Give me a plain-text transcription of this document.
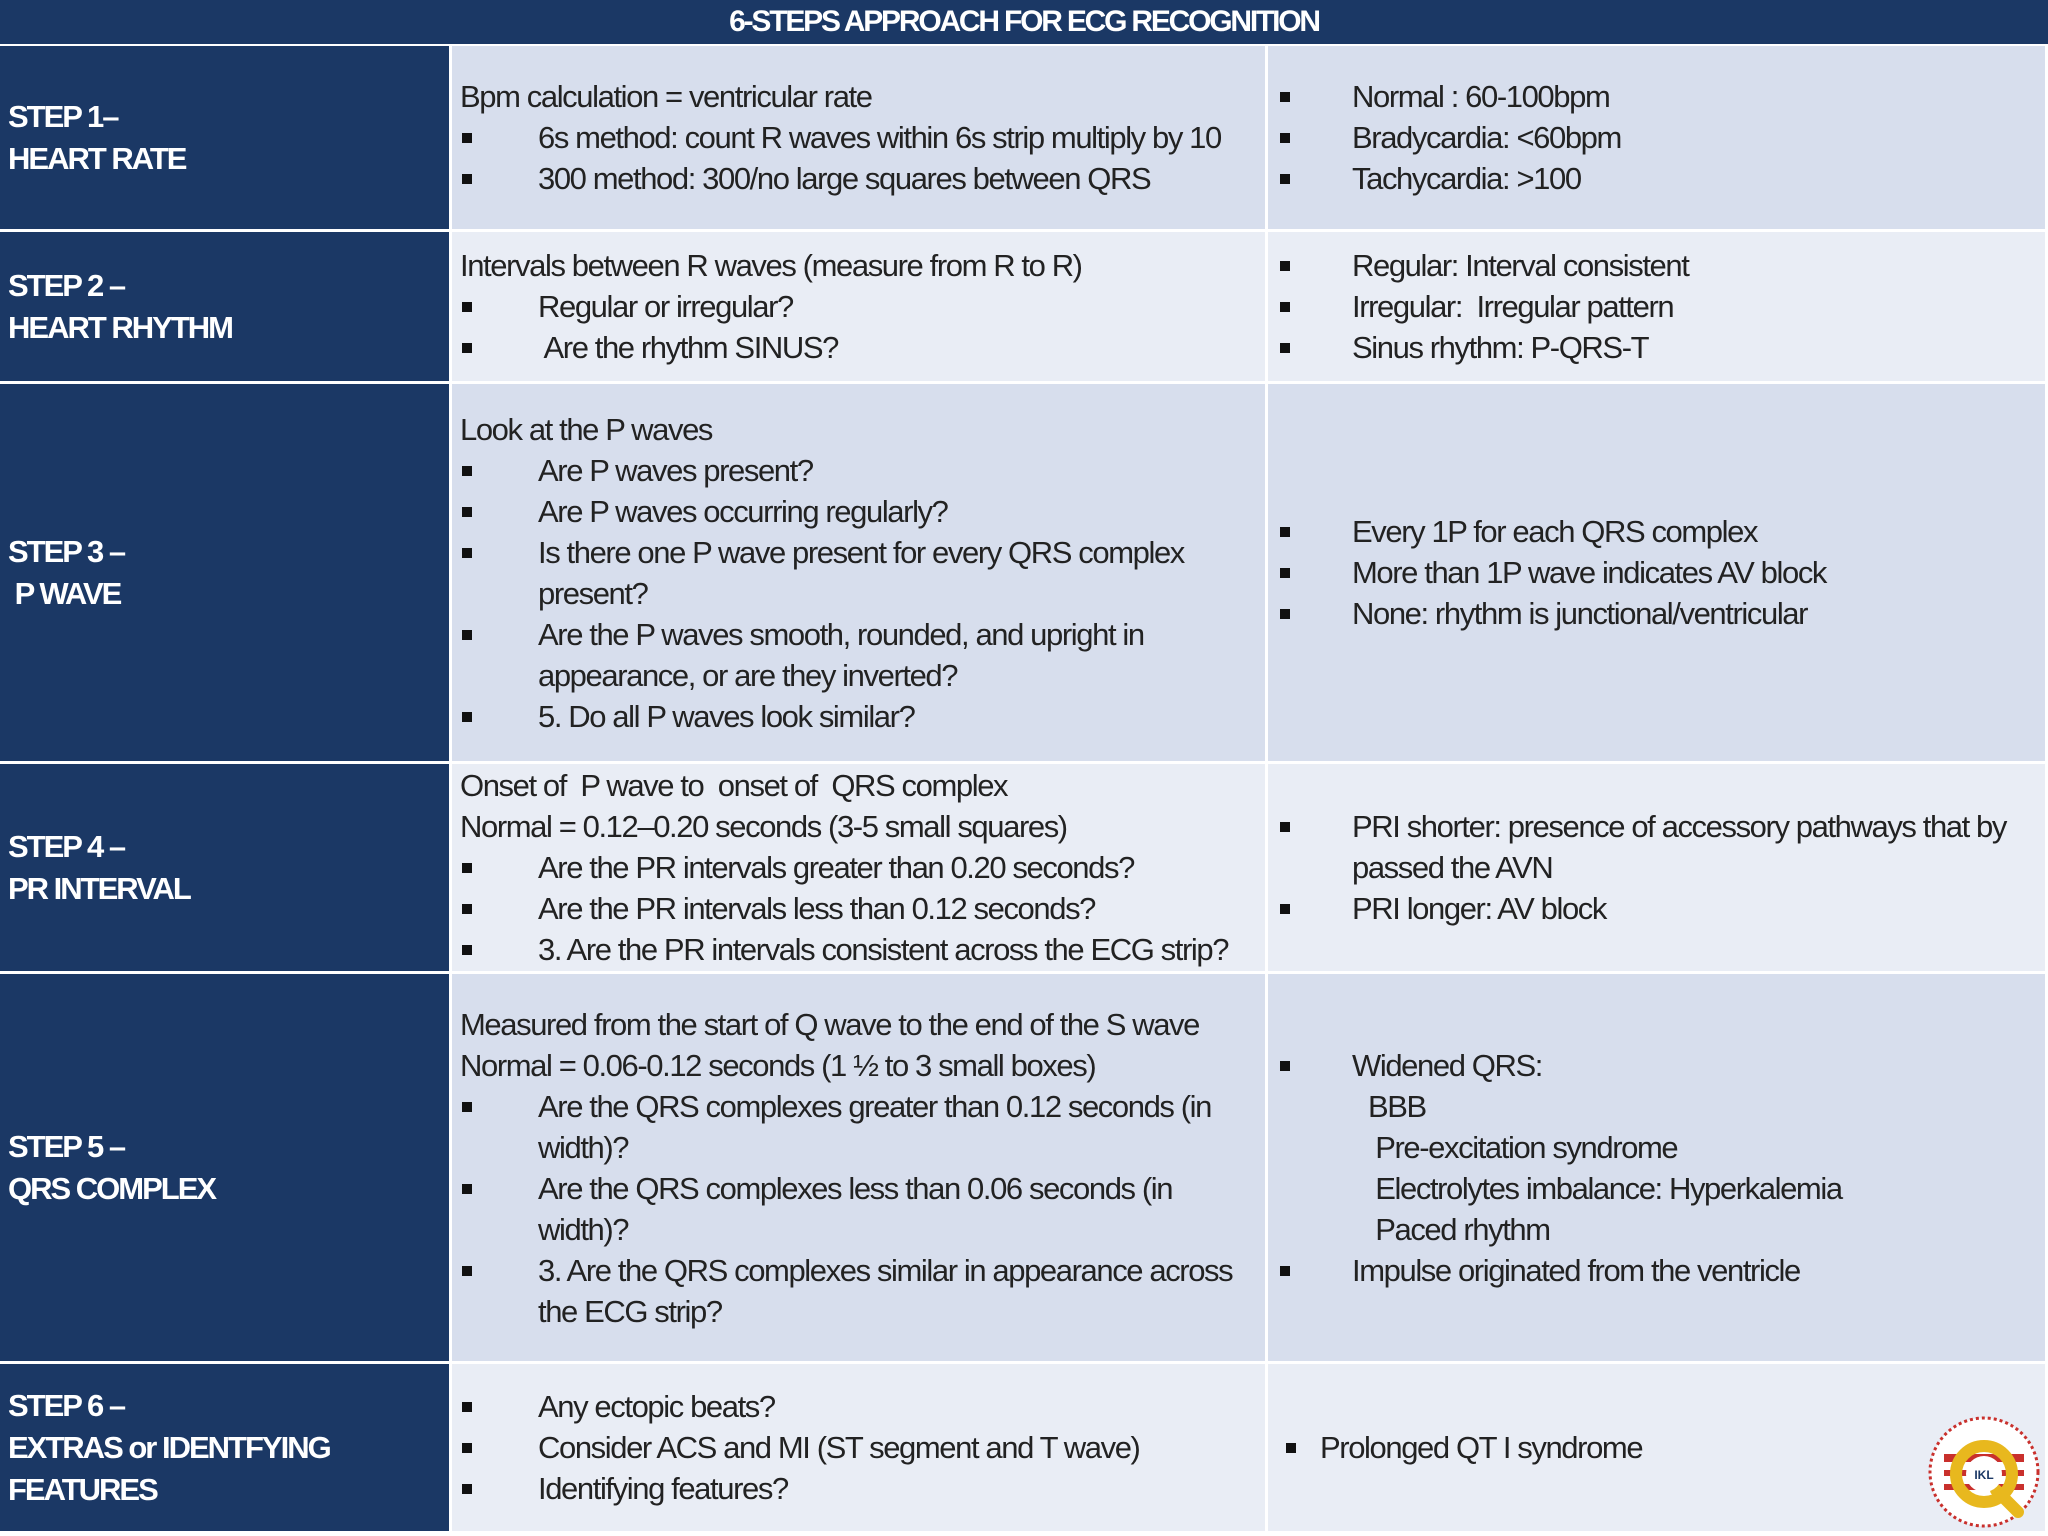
6-STEPS APPROACH FOR ECG RECOGNITION
STEP 1–
HEART RATE
Bpm calculation = ventricular rate
6s method: count R waves within 6s strip multiply by 10
300 method: 300/no large squares between QRS
Normal : 60-100bpm
Bradycardia: <60bpm
Tachycardia: >100
STEP 2 –
HEART RHYTHM
Intervals between R waves (measure from R to R)
Regular or irregular?
Are the rhythm SINUS?
Regular: Interval consistent
Irregular:  Irregular pattern
Sinus rhythm: P-QRS-T
STEP 3 –
P WAVE
Look at the P waves
Are P waves present?
Are P waves occurring regularly?
Is there one P wave present for every QRS complex present?
Are the P waves smooth, rounded, and upright in appearance, or are they inverted?
5. Do all P waves look similar?
Every 1P for each QRS complex
More than 1P wave indicates AV block
None: rhythm is junctional/ventricular
STEP 4 –
PR INTERVAL
Onset of  P wave to  onset of  QRS complex
Normal = 0.12–0.20 seconds (3-5 small squares)
Are the PR intervals greater than 0.20 seconds?
Are the PR intervals less than 0.12 seconds?
3. Are the PR intervals consistent across the ECG strip?
PRI shorter: presence of accessory pathways that by passed the AVN
PRI longer: AV block
STEP 5 –
QRS COMPLEX
Measured from the start of Q wave to the end of the S wave
Normal = 0.06-0.12 seconds (1 ½ to 3 small boxes)
Are the QRS complexes greater than 0.12 seconds (in width)?
Are the QRS complexes less than 0.06 seconds (in width)?
3. Are the QRS complexes similar in appearance across the ECG strip?
Widened QRS:
BBB
Pre-excitation syndrome
Electrolytes imbalance: Hyperkalemia
Paced rhythm
Impulse originated from the ventricle
STEP 6 –
EXTRAS or IDENTFYING
FEATURES
Any ectopic beats?
Consider ACS and MI (ST segment and T wave)
Identifying features?
Prolonged QT I syndrome
IKL
